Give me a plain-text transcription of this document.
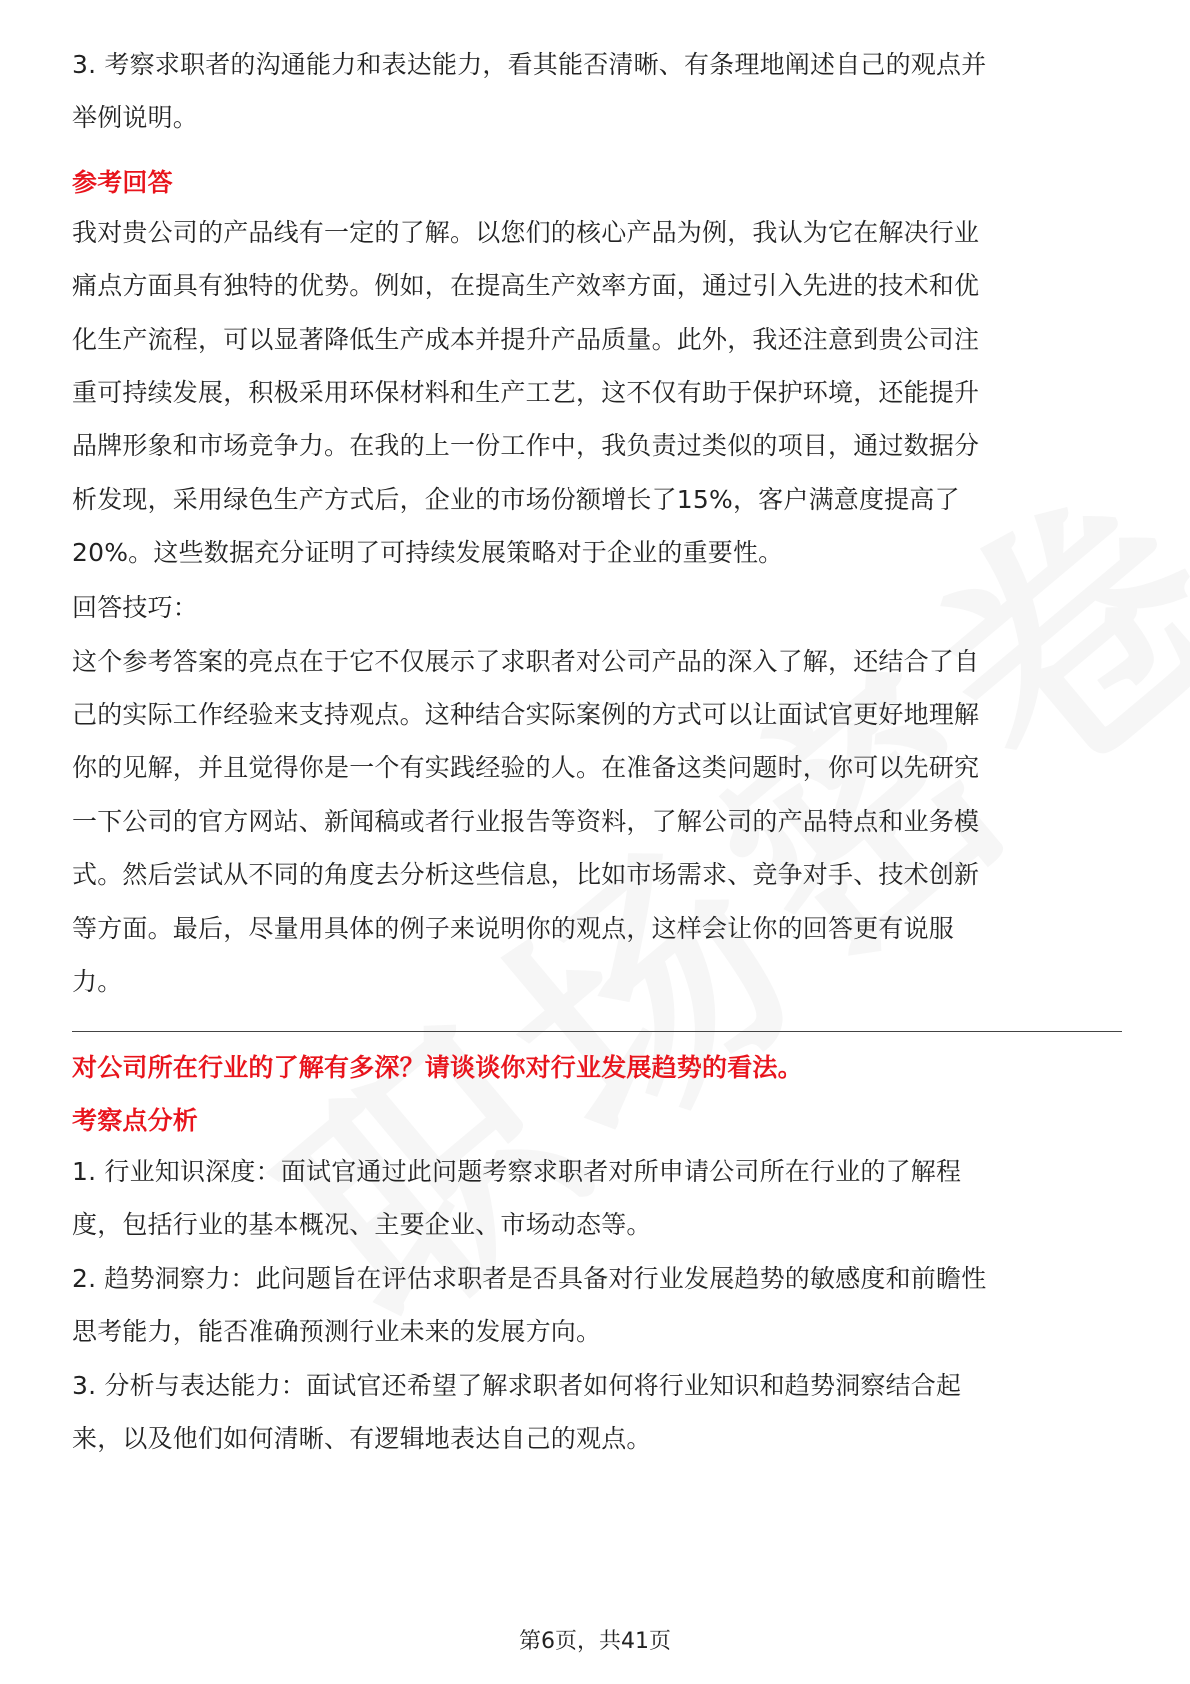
3. 考察求职者的沟通能力和表达能力，看其能否清晰、有条理地阐述自己的观点并
举例说明。
参考回答
我对贵公司的产品线有一定的了解。以您们的核心产品为例，我认为它在解决行业
痛点方面具有独特的优势。例如，在提高生产效率方面，通过引入先进的技术和优
化生产流程，可以显著降低生产成本并提升产品质量。此外，我还注意到贵公司注
重可持续发展，积极采用环保材料和生产工艺，这不仅有助于保护环境，还能提升
品牌形象和市场竞争力。在我的上一份工作中，我负责过类似的项目，通过数据分
析发现，采用绿色生产方式后，企业的市场份额增长了15%，客户满意度提高了
20%。这些数据充分证明了可持续发展策略对于企业的重要性。
回答技巧：
这个参考答案的亮点在于它不仅展示了求职者对公司产品的深入了解，还结合了自
己的实际工作经验来支持观点。这种结合实际案例的方式可以让面试官更好地理解
你的见解，并且觉得你是一个有实践经验的人。在准备这类问题时，你可以先研究
一下公司的官方网站、新闻稿或者行业报告等资料，了解公司的产品特点和业务模
式。然后尝试从不同的角度去分析这些信息，比如市场需求、竞争对手、技术创新
等方面。最后，尽量用具体的例子来说明你的观点，这样会让你的回答更有说服
力。
对公司所在行业的了解有多深？请谈谈你对行业发展趋势的看法。
考察点分析
1. 行业知识深度：面试官通过此问题考察求职者对所申请公司所在行业的了解程
度，包括行业的基本概况、主要企业、市场动态等。
2. 趋势洞察力：此问题旨在评估求职者是否具备对行业发展趋势的敏感度和前瞻性
思考能力，能否准确预测行业未来的发展方向。
3. 分析与表达能力：面试官还希望了解求职者如何将行业知识和趋势洞察结合起
来，以及他们如何清晰、有逻辑地表达自己的观点。
第6页，共41页
